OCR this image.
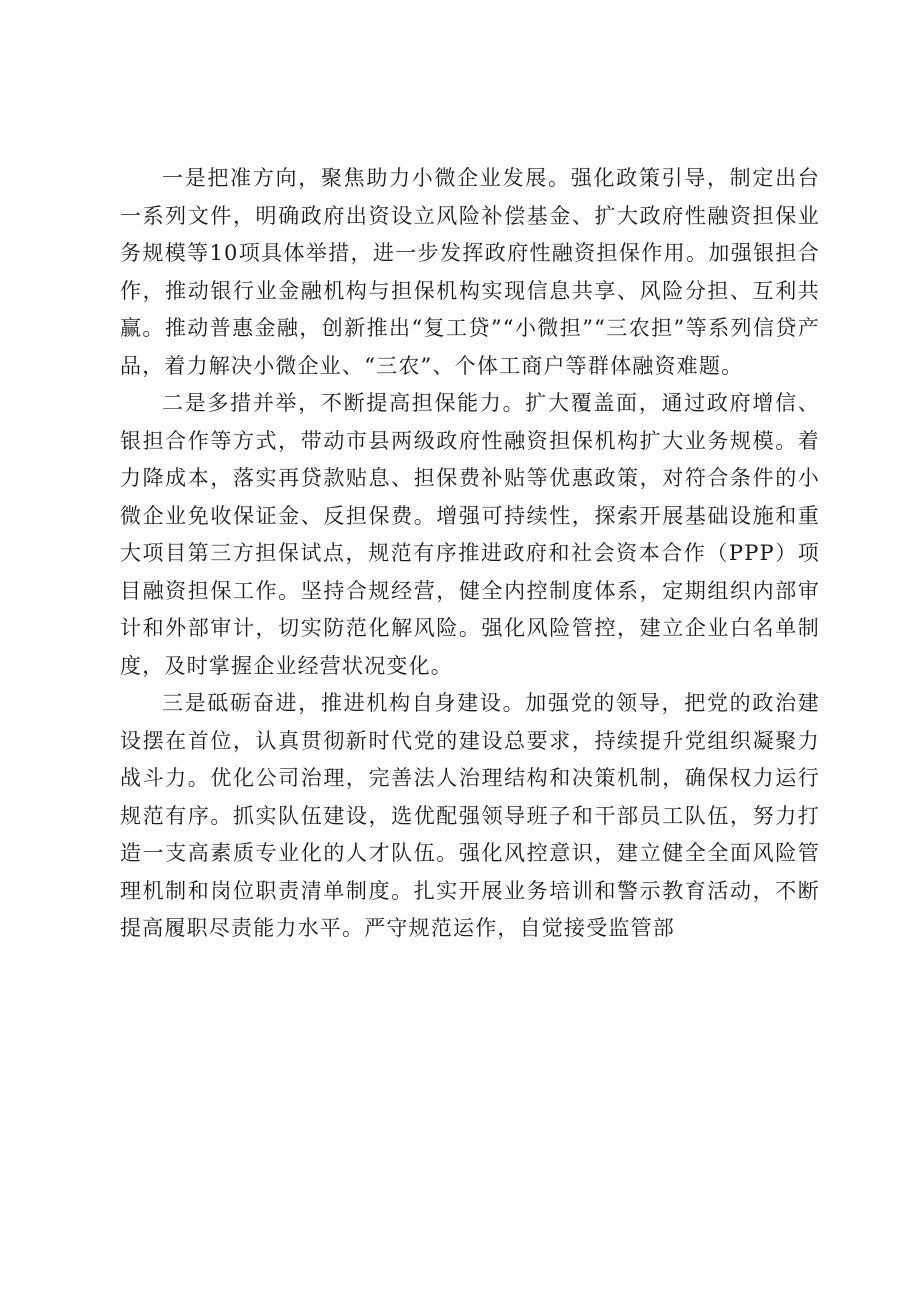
一是把准方向，聚焦助力小微企业发展。强化政策引导，制定出台一系列文件，明确政府出资设立风险补偿基金、扩大政府性融资担保业务规模等10项具体举措，进一步发挥政府性融资担保作用。加强银担合作，推动银行业金融机构与担保机构实现信息共享、风险分担、互利共赢。推动普惠金融，创新推出“复工贷”“小微担”“三农担”等系列信贷产品，着力解决小微企业、“三农”、个体工商户等群体融资难题。

二是多措并举，不断提高担保能力。扩大覆盖面，通过政府增信、银担合作等方式，带动市县两级政府性融资担保机构扩大业务规模。着力降成本，落实再贷款贴息、担保费补贴等优惠政策，对符合条件的小微企业免收保证金、反担保费。增强可持续性，探索开展基础设施和重大项目第三方担保试点，规范有序推进政府和社会资本合作（PPP）项目融资担保工作。坚持合规经营，健全内控制度体系，定期组织内部审计和外部审计，切实防范化解风险。强化风险管控，建立企业白名单制度，及时掌握企业经营状况变化。

三是砥砺奋进，推进机构自身建设。加强党的领导，把党的政治建设摆在首位，认真贯彻新时代党的建设总要求，持续提升党组织凝聚力战斗力。优化公司治理，完善法人治理结构和决策机制，确保权力运行规范有序。抓实队伍建设，选优配强领导班子和干部员工队伍，努力打造一支高素质专业化的人才队伍。强化风控意识，建立健全全面风险管理机制和岗位职责清单制度。扎实开展业务培训和警示教育活动，不断提高履职尽责能力水平。严守规范运作，自觉接受监管部
